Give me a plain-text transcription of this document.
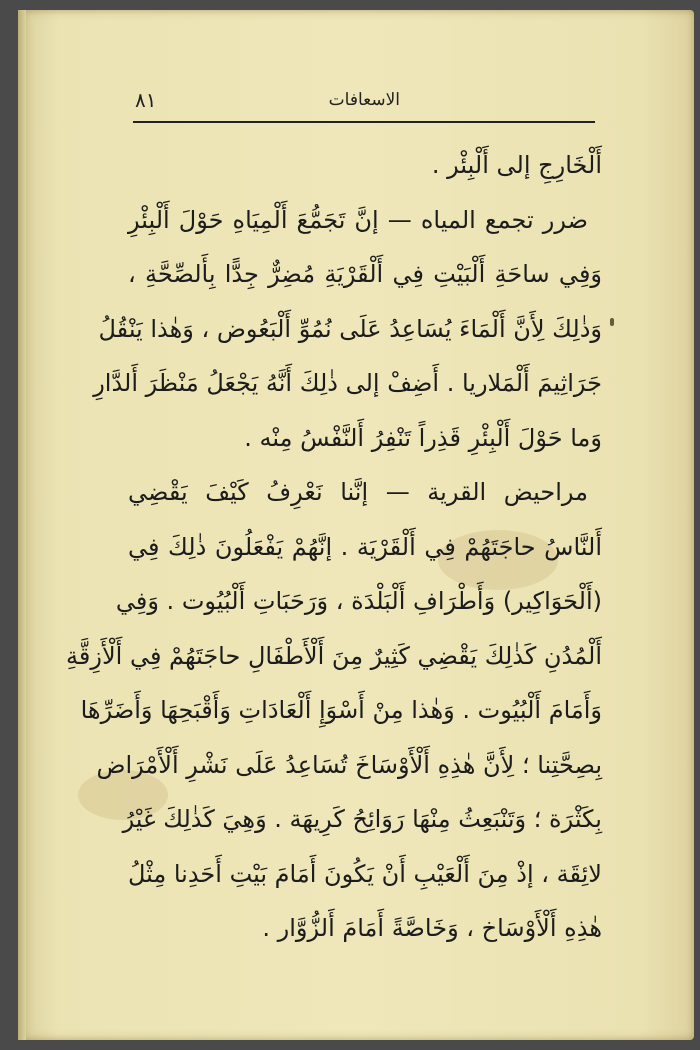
الاسعافات
٨١
أَلْخَارِجِ إلى أَلْبِئْر .
ضرر تجمع المياه — إنَّ تَجَمُّعَ أَلْمِيَاهِ حَوْلَ أَلْبِئْرِ
وَفِي ساحَةِ أَلْبَيْتِ فِي أَلْقَرْيَةِ مُضِرٌّ جِدًّا بِأَلصِّحَّةِ ،
وَذٰلِكَ لِأَنَّ أَلْمَاءَ يُسَاعِدُ عَلَى نُمُوِّ أَلْبَعُوض ، وَهٰذا يَنْقُلُ
جَرَاثِيمَ أَلْمَلاريا . أَضِفْ إلى ذٰلِكَ أَنَّهُ يَجْعَلُ مَنْظَرَ أَلدَّارِ
وَما حَوْلَ أَلْبِئْرِ قَذِراً تَنْفِرُ أَلنَّفْسُ مِنْه .
مراحيض القرية — إنَّنا نَعْرِفُ كَيْفَ يَقْضِي
أَلنَّاسُ حاجَتَهُمْ فِي أَلْقَرْيَة . إنَّهُمْ يَفْعَلُونَ ذٰلِكَ فِي
(أَلْحَوَاكِير) وَأَطْرَافِ أَلْبَلْدَة ، وَرَحَبَاتِ أَلْبُيُوت . وَفِي
أَلْمُدُنِ كَذٰلِكَ يَقْضِي كَثِيرٌ مِنَ أَلْأَطْفَالِ حاجَتَهُمْ فِي أَلْأَزِقَّةِ
وَأَمَامَ أَلْبُيُوت . وَهٰذا مِنْ أَسْوَإِ أَلْعَادَاتِ وَأَقْبَحِهَا وَأَضَرِّهَا
بِصِحَّتِنا ؛ لِأَنَّ هٰذِهِ أَلْأَوْسَاخَ تُسَاعِدُ عَلَى نَشْرِ أَلْأَمْرَاض
بِكَثْرَة ؛ وَتَنْبَعِثُ مِنْهَا رَوَائِحُ كَرِيهَة . وَهِيَ كَذٰلِكَ غَيْرُ
لائِقَة ، إذْ مِنَ أَلْعَيْبِ أَنْ يَكُونَ أَمَامَ بَيْتِ أَحَدِنا مِثْلُ
هٰذِهِ أَلْأَوْسَاخ ، وَخَاصَّةً أَمَامَ أَلزُّوَّار .
